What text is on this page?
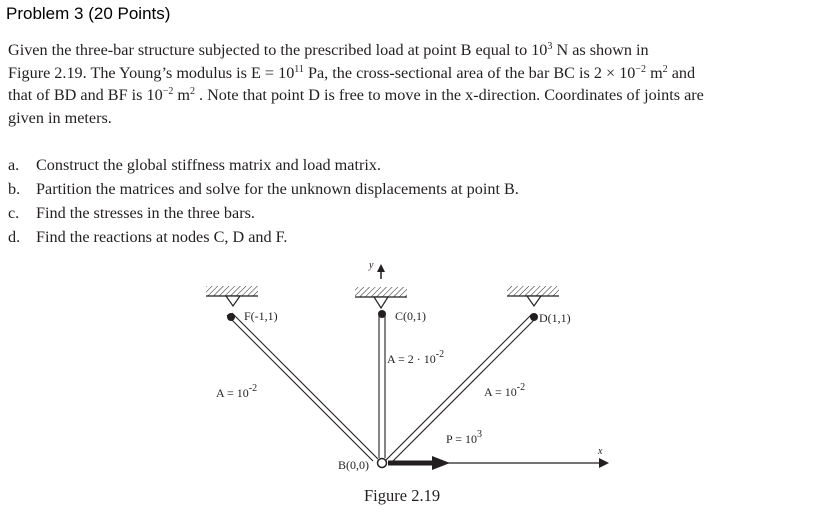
Problem 3 (20 Points)
Given the three-bar structure subjected to the prescribed load at point B equal to $10^3$ N as shown in
Figure 2.19. The Young’s modulus is $E = 10^{11}$ Pa, the cross-sectional area of the bar BC is $2 \times 10^{-2}$ $m^2$ and
that of BD and BF is $10^{-2}$ $m^2$ . Note that point D is free to move in the x-direction. Coordinates of joints are
given in meters.
a. Construct the global stiffness matrix and load matrix.
b. Partition the matrices and solve for the unknown displacements at point B.
c. Find the stresses in the three bars.
d. Find the reactions at nodes C, D and F.
F(-1,1)	C(0,1)	D(1,1)
B(0,0)
$A = 2 \cdot 10^{-2}$
$A = 10^{-2}$	$A = 10^{-2}$
$P = 10^3$
y
x
Figure 2.19
